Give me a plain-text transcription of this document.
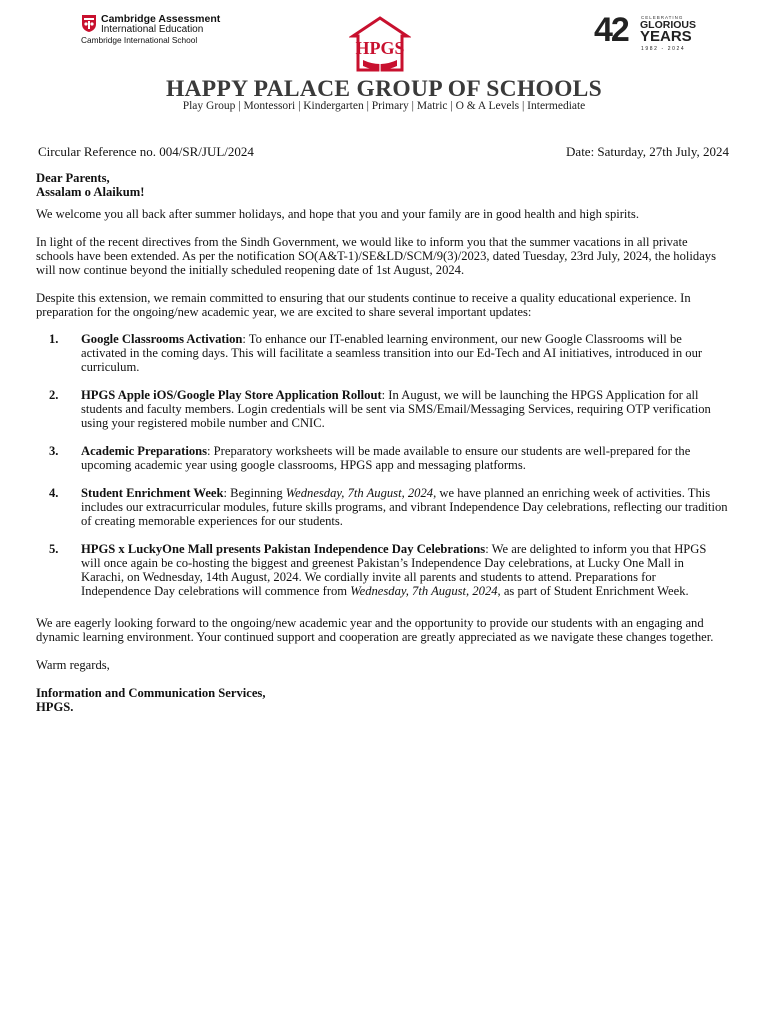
Cambridge Assessment
International Education
Cambridge International School	HPGS	42	CELEBRATING
GLORIOUS
YEARS
1982 - 2024
HAPPY PALACE GROUP OF SCHOOLS
Play Group | Montessori | Kindergarten | Primary | Matric | O & A Levels | Intermediate
Circular Reference no. 004/SR/JUL/2024	Date: Saturday, 27th July, 2024

Dear Parents,

Assalam o Alaikum!

We welcome you all back after summer holidays, and hope that you and your family are in good health and high spirits.

In light of the recent directives from the Sindh Government, we would like to inform you that the summer vacations in all private schools have been extended. As per the notification SO(A&T-1)/SE&LD/SCM/9(3)/2023, dated Tuesday, 23rd July, 2024, the holidays will now continue beyond the initially scheduled reopening date of 1st August, 2024.

Despite this extension, we remain committed to ensuring that our students continue to receive a quality educational experience. In preparation for the ongoing/new academic year, we are excited to share several important updates:

1. Google Classrooms Activation: To enhance our IT-enabled learning environment, our new Google Classrooms will be activated in the coming days. This will facilitate a seamless transition into our Ed-Tech and AI initiatives, introduced in our curriculum.
2. HPGS Apple iOS/Google Play Store Application Rollout: In August, we will be launching the HPGS Application for all students and faculty members. Login credentials will be sent via SMS/Email/Messaging Services, requiring OTP verification using your registered mobile number and CNIC.
3. Academic Preparations: Preparatory worksheets will be made available to ensure our students are well-prepared for the upcoming academic year using google classrooms, HPGS app and messaging platforms.
4. Student Enrichment Week: Beginning Wednesday, 7th August, 2024, we have planned an enriching week of activities. This includes our extracurricular modules, future skills programs, and vibrant Independence Day celebrations, reflecting our tradition of creating memorable experiences for our students.
5. HPGS x LuckyOne Mall presents Pakistan Independence Day Celebrations: We are delighted to inform you that HPGS will once again be co-hosting the biggest and greenest Pakistan’s Independence Day celebrations, at Lucky One Mall in Karachi, on Wednesday, 14th August, 2024. We cordially invite all parents and students to attend. Preparations for Independence Day celebrations will commence from Wednesday, 7th August, 2024, as part of Student Enrichment Week.

We are eagerly looking forward to the ongoing/new academic year and the opportunity to provide our students with an engaging and dynamic learning environment. Your continued support and cooperation are greatly appreciated as we navigate these changes together.

Warm regards,

Information and Communication Services,

HPGS.
